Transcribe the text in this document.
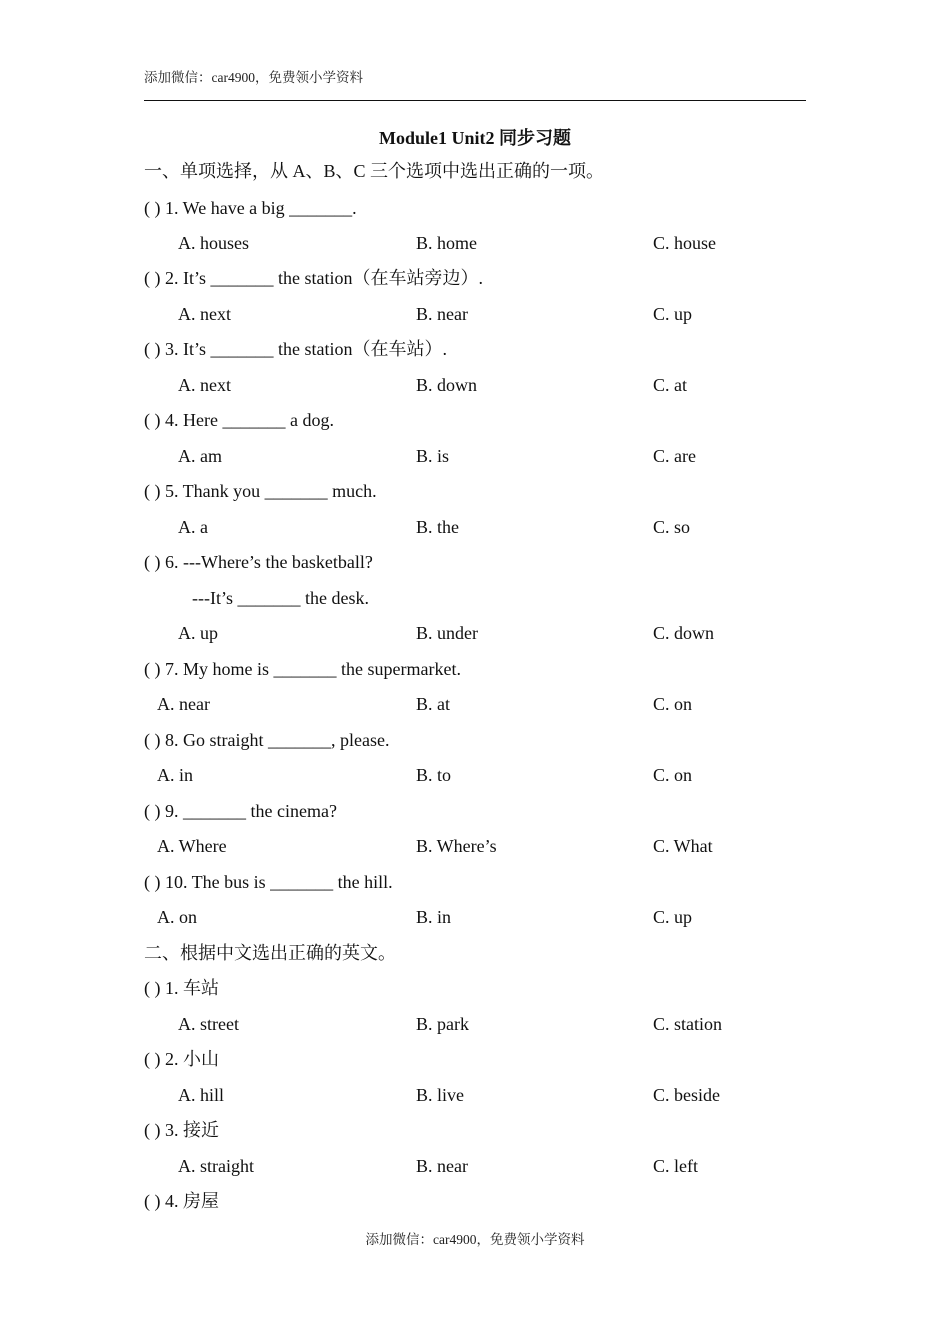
添加微信：car4900，免费领小学资料
Module1 Unit2 同步习题
一、单项选择，从 A、B、C 三个选项中选出正确的一项。
( ) 1. We have a big _______.
A. houses	B. home	C. house
( ) 2. It’s _______ the station（在车站旁边）.
A. next	B. near	C. up
( ) 3. It’s _______ the station（在车站）.
A. next	B. down	C. at
( ) 4. Here _______ a dog.
A. am	B. is	C. are
( ) 5. Thank you _______ much.
A. a	B. the	C. so
( ) 6. ---Where’s the basketball?
---It’s _______ the desk.
A. up	B. under	C. down
( ) 7. My home is _______ the supermarket.
A. near	B. at	C. on
( ) 8. Go straight _______, please.
A. in	B. to	C. on
( ) 9. _______ the cinema?
A. Where	B. Where’s	C. What
( ) 10. The bus is _______ the hill.
A. on	B. in	C. up
二、根据中文选出正确的英文。
( ) 1. 车站
A. street	B. park	C. station
( ) 2. 小山
A. hill	B. live	C. beside
( ) 3. 接近
A. straight	B. near	C. left
( ) 4. 房屋
添加微信：car4900，免费领小学资料
